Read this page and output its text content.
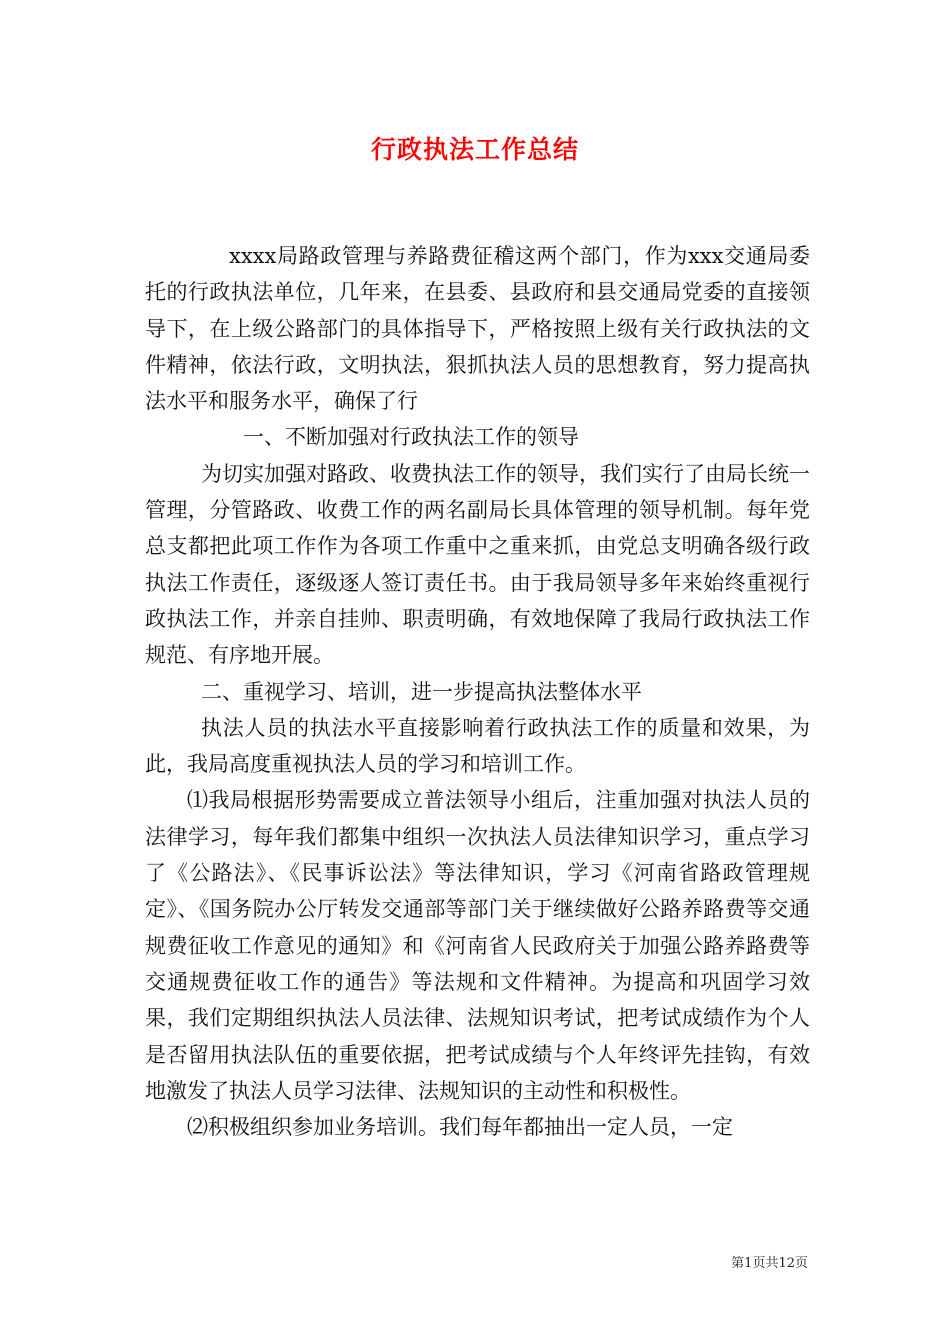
行政执法工作总结

xxxx局路政管理与养路费征稽这两个部门，作为xxx交通局委托的行政执法单位，几年来，在县委、县政府和县交通局党委的直接领导下，在上级公路部门的具体指导下，严格按照上级有关行政执法的文件精神，依法行政，文明执法，狠抓执法人员的思想教育，努力提高执法水平和服务水平，确保了行

一、不断加强对行政执法工作的领导

为切实加强对路政、收费执法工作的领导，我们实行了由局长统一管理，分管路政、收费工作的两名副局长具体管理的领导机制。每年党总支都把此项工作作为各项工作重中之重来抓，由党总支明确各级行政执法工作责任，逐级逐人签订责任书。由于我局领导多年来始终重视行政执法工作，并亲自挂帅、职责明确，有效地保障了我局行政执法工作规范、有序地开展。

二、重视学习、培训，进一步提高执法整体水平

执法人员的执法水平直接影响着行政执法工作的质量和效果，为此，我局高度重视执法人员的学习和培训工作。

⑴我局根据形势需要成立普法领导小组后，注重加强对执法人员的法律学习，每年我们都集中组织一次执法人员法律知识学习，重点学习了《公路法》、《民事诉讼法》等法律知识，学习《河南省路政管理规定》、《国务院办公厅转发交通部等部门关于继续做好公路养路费等交通规费征收工作意见的通知》和《河南省人民政府关于加强公路养路费等交通规费征收工作的通告》等法规和文件精神。为提高和巩固学习效果，我们定期组织执法人员法律、法规知识考试，把考试成绩作为个人是否留用执法队伍的重要依据，把考试成绩与个人年终评先挂钩，有效地激发了执法人员学习法律、法规知识的主动性和积极性。

⑵积极组织参加业务培训。我们每年都抽出一定人员，一定

第1页共12页
